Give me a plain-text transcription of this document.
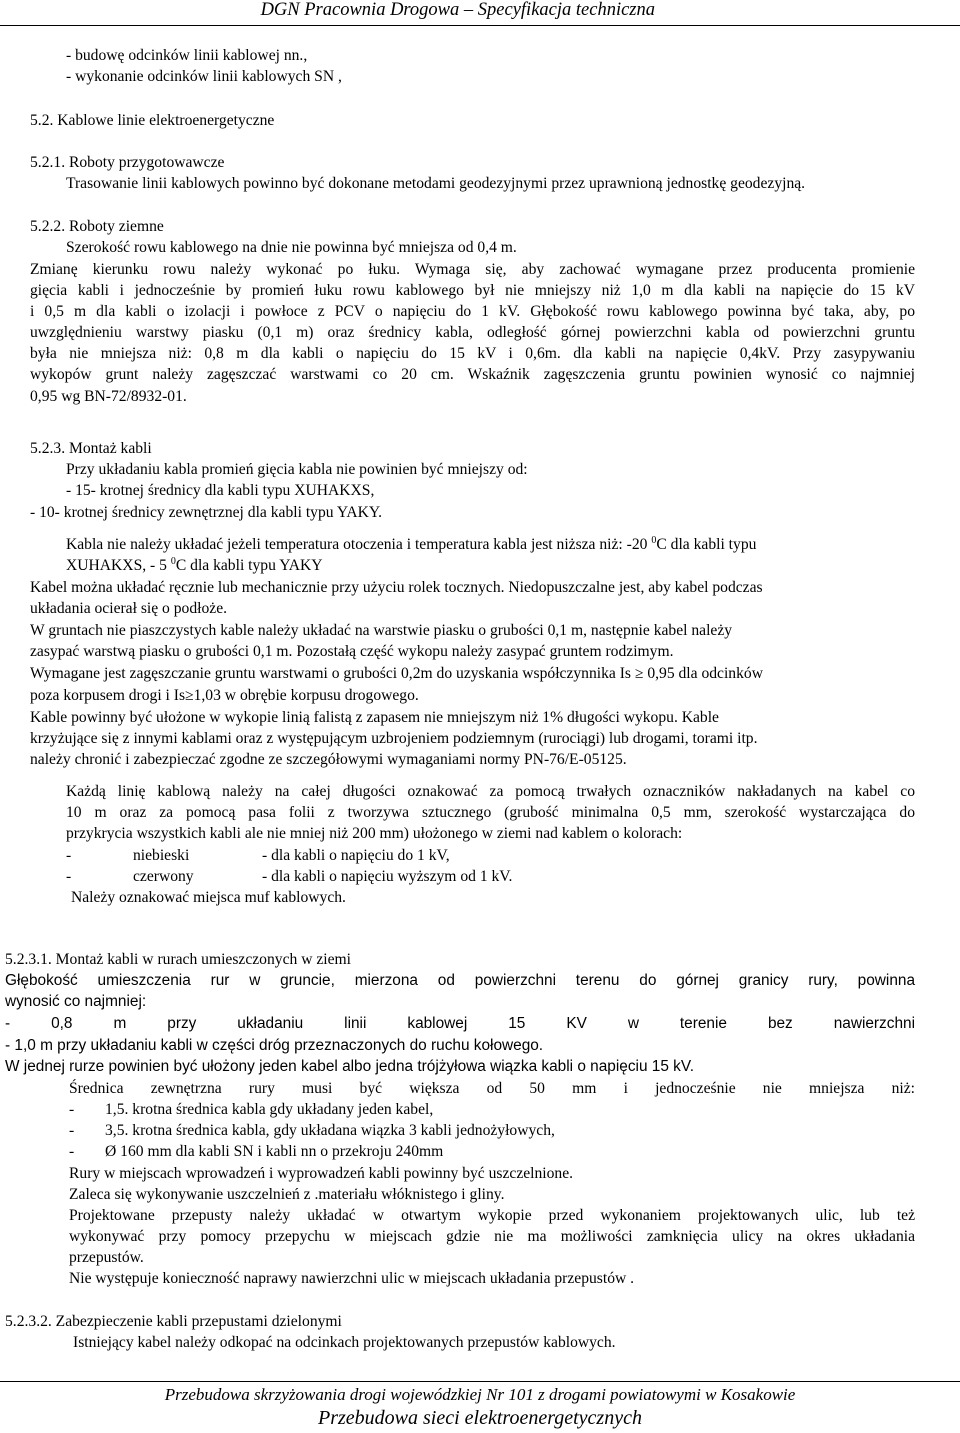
DGN Pracownia Drogowa – Specyfikacja techniczna
- budowę odcinków linii kablowej nn.,
- wykonanie odcinków linii kablowych SN ,
5.2. Kablowe linie elektroenergetyczne
5.2.1. Roboty przygotowawcze
Trasowanie linii kablowych powinno być dokonane metodami geodezyjnymi przez uprawnioną jednostkę geodezyjną.
5.2.2. Roboty ziemne
Szerokość rowu kablowego na dnie nie powinna być mniejsza od 0,4 m.
Zmianę kierunku rowu należy wykonać po łuku. Wymaga się, aby zachować wymagane przez producenta promienie
gięcia kabli i jednocześnie by promień łuku rowu kablowego był nie mniejszy niż 1,0 m dla kabli na napięcie do 15 kV
i 0,5 m dla kabli o izolacji i powłoce z PCV o napięciu do 1 kV. Głębokość rowu kablowego powinna być taka, aby, po
uwzględnieniu warstwy piasku (0,1 m) oraz średnicy kabla, odległość górnej powierzchni kabla od powierzchni gruntu
była nie mniejsza niż: 0,8 m dla kabli o napięciu do 15 kV i 0,6m. dla kabli na napięcie 0,4kV. Przy zasypywaniu
wykopów grunt należy zagęszczać warstwami co 20 cm. Wskaźnik zagęszczenia gruntu powinien wynosić co najmniej
0,95 wg BN-72/8932-01.
5.2.3. Montaż kabli
Przy układaniu kabla promień gięcia kabla nie powinien być mniejszy od:
- 15- krotnej średnicy dla kabli typu XUHAKXS,
- 10- krotnej średnicy zewnętrznej dla kabli typu YAKY.
Kabla nie należy układać jeżeli temperatura otoczenia i temperatura kabla jest niższa niż: -20 $^0$C dla kabli typu
XUHAKXS, - 5 $^0$C dla kabli typu YAKY
Kabel można układać ręcznie lub mechanicznie przy użyciu rolek tocznych. Niedopuszczalne jest, aby kabel podczas
układania ocierał się o podłoże.
W gruntach nie piaszczystych kable należy układać na warstwie piasku o grubości 0,1 m, następnie kabel należy
zasypać warstwą piasku o grubości 0,1 m. Pozostałą część wykopu należy zasypać gruntem rodzimym.
Wymagane jest zagęszczanie gruntu warstwami o grubości 0,2m do uzyskania współczynnika Is ≥ 0,95 dla odcinków
poza korpusem drogi i Is≥1,03 w obrębie korpusu drogowego.
Kable powinny być ułożone w wykopie linią falistą z zapasem nie mniejszym niż 1% długości wykopu. Kable
krzyżujące się z innymi kablami oraz z występującym uzbrojeniem podziemnym (rurociągi) lub drogami, torami itp.
należy chronić i zabezpieczać zgodne ze szczegółowymi wymaganiami normy PN-76/E-05125.
Każdą linię kablową należy na całej długości oznakować za pomocą trwałych oznaczników nakładanych na kabel co
10 m oraz za pomocą pasa folii z tworzywa sztucznego (grubość minimalna 0,5 mm, szerokość wystarczająca do
przykrycia wszystkich kabli ale nie mniej niż 200 mm) ułożonego w ziemi nad kablem o kolorach:
-	niebieski	- dla kabli o napięciu do 1 kV,
-	czerwony	- dla kabli o napięciu wyższym od 1 kV.
Należy oznakować miejsca muf kablowych.
5.2.3.1. Montaż kabli w rurach umieszczonych w ziemi
Głębokość umieszczenia rur w gruncie, mierzona od powierzchni terenu do górnej granicy rury, powinna
wynosić co najmniej:
- 0,8 m przy układaniu linii kablowej 15 KV w terenie bez nawierzchni
- 1,0 m przy układaniu kabli w części dróg przeznaczonych do ruchu kołowego.
W jednej rurze powinien być ułożony jeden kabel albo jedna trójżyłowa wiązka kabli o napięciu 15 kV.
Średnica zewnętrzna rury musi być większa od 50 mm i jednocześnie nie mniejsza niż:
- 1,5. krotna średnica kabla gdy układany jeden kabel,
- 3,5. krotna średnica kabla, gdy układana wiązka 3 kabli jednożyłowych,
- Ø 160 mm dla kabli SN i kabli nn o przekroju 240mm
Rury w miejscach wprowadzeń i wyprowadzeń kabli powinny być uszczelnione.
Zaleca się wykonywanie uszczelnień z .materiału włóknistego i gliny.
Projektowane przepusty należy układać w otwartym wykopie przed wykonaniem projektowanych ulic, lub też
wykonywać przy pomocy przepychu w miejscach gdzie nie ma możliwości zamknięcia ulicy na okres układania
przepustów.
Nie występuje konieczność naprawy nawierzchni ulic w miejscach układania przepustów .
5.2.3.2. Zabezpieczenie kabli przepustami dzielonymi
Istniejący kabel należy odkopać na odcinkach projektowanych przepustów kablowych.
Przebudowa skrzyżowania drogi wojewódzkiej Nr 101 z drogami powiatowymi w Kosakowie
Przebudowa sieci elektroenergetycznych
